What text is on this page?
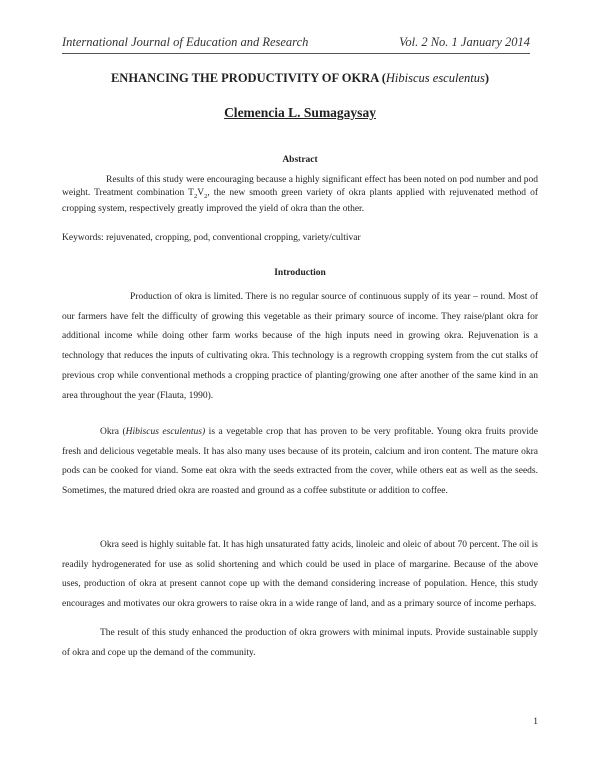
International Journal of Education and Research	Vol. 2 No. 1 January 2014
ENHANCING THE PRODUCTIVITY OF OKRA (Hibiscus esculentus)
Clemencia L. Sumagaysay
Abstract
Results of this study were encouraging because a highly significant effect has been noted on pod number and pod weight. Treatment combination $T_2V_2$, the new smooth green variety of okra plants applied with rejuvenated method of cropping system, respectively greatly improved the yield of okra than the other.
Keywords: rejuvenated, cropping, pod, conventional cropping, variety/cultivar
Introduction
Production of okra is limited. There is no regular source of continuous supply of its year – round. Most of our farmers have felt the difficulty of growing this vegetable as their primary source of income. They raise/plant okra for additional income while doing other farm works because of the high inputs need in growing okra. Rejuvenation is a technology that reduces the inputs of cultivating okra. This technology is a regrowth cropping system from the cut stalks of previous crop while conventional methods a cropping practice of planting/growing one after another of the same kind in an area throughout the year (Flauta, 1990).
Okra (Hibiscus esculentus) is a vegetable crop that has proven to be very profitable. Young okra fruits provide fresh and delicious vegetable meals. It has also many uses because of its protein, calcium and iron content. The mature okra pods can be cooked for viand. Some eat okra with the seeds extracted from the cover, while others eat as well as the seeds. Sometimes, the matured dried okra are roasted and ground as a coffee substitute or addition to coffee.
Okra seed is highly suitable fat. It has high unsaturated fatty acids, linoleic and oleic of about 70 percent. The oil is readily hydrogenerated for use as solid shortening and which could be used in place of margarine. Because of the above uses, production of okra at present cannot cope up with the demand considering increase of population. Hence, this study encourages and motivates our okra growers to raise okra in a wide range of land, and as a primary source of income perhaps.
The result of this study enhanced the production of okra growers with minimal inputs. Provide sustainable supply of okra and cope up the demand of the community.
1
